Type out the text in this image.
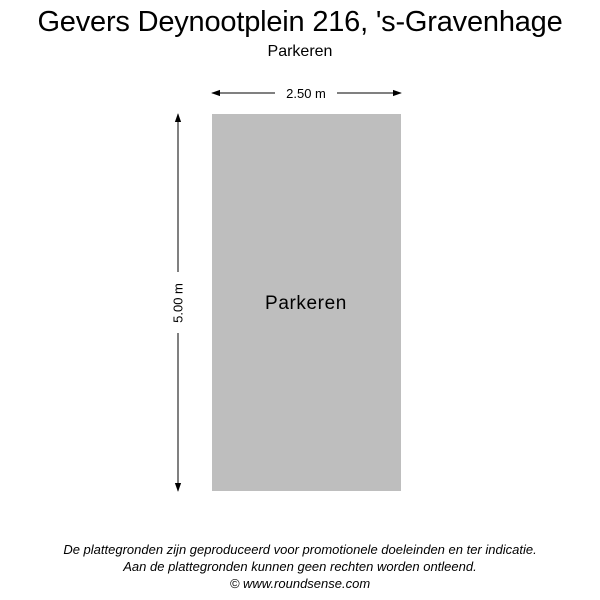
Gevers Deynootplein 216, 's-Gravenhage
Parkeren
2.50 m
5.00 m	Parkeren
De plattegronden zijn geproduceerd voor promotionele doeleinden en ter indicatie.
Aan de plattegronden kunnen geen rechten worden ontleend.
© www.roundsense.com
